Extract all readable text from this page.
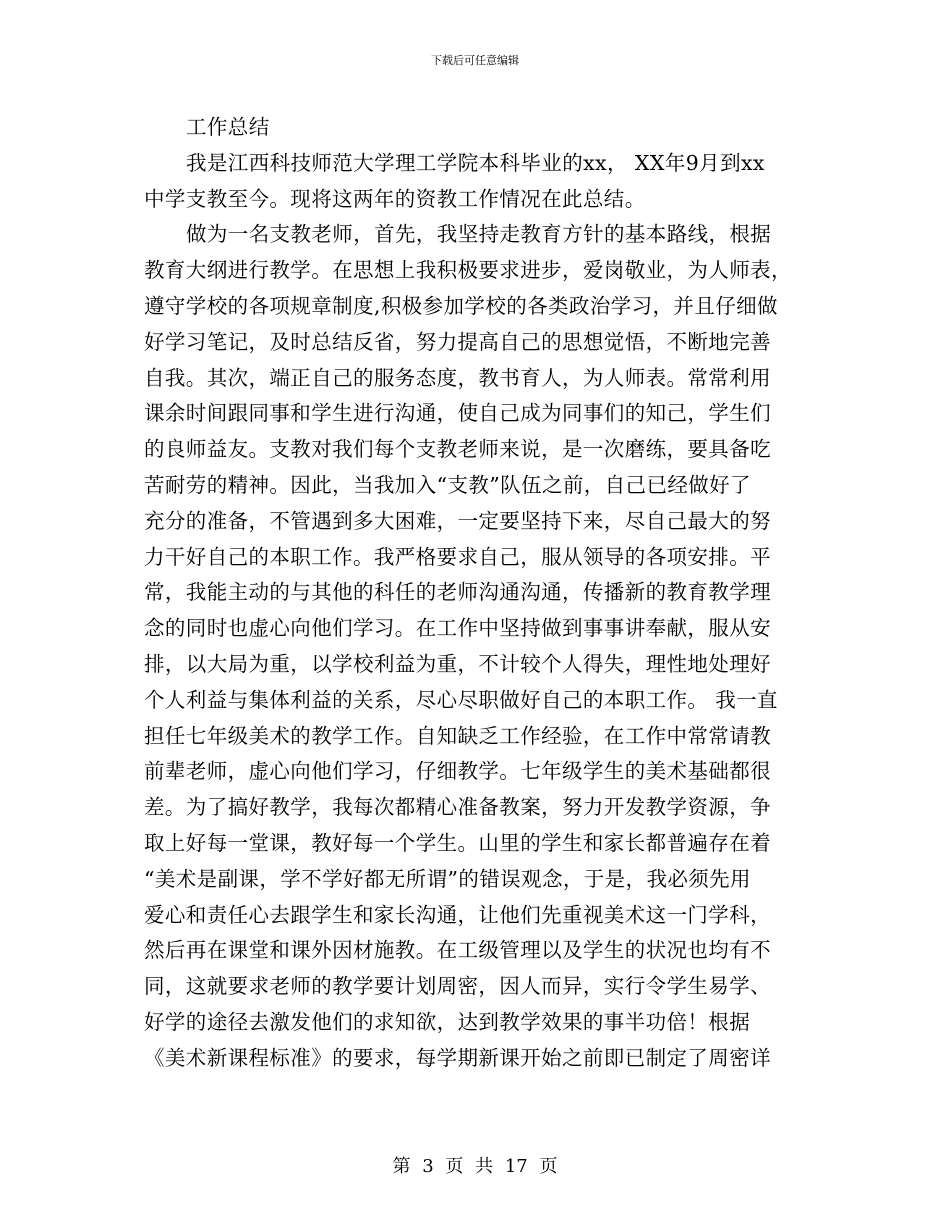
下载后可任意编辑
工作总结
我是江西科技师范大学理工学院本科毕业的xx， XX年9月到xx
中学支教至今。现将这两年的资教工作情况在此总结。
做为一名支教老师，首先，我坚持走教育方针的基本路线，根据
教育大纲进行教学。在思想上我积极要求进步，爱岗敬业，为人师表，
遵守学校的各项规章制度,积极参加学校的各类政治学习，并且仔细做
好学习笔记，及时总结反省，努力提高自己的思想觉悟，不断地完善
自我。其次，端正自己的服务态度，教书育人，为人师表。常常利用
课余时间跟同事和学生进行沟通，使自己成为同事们的知己，学生们
的良师益友。支教对我们每个支教老师来说，是一次磨练，要具备吃
苦耐劳的精神。因此，当我加入“支教”队伍之前，自己已经做好了
充分的准备，不管遇到多大困难，一定要坚持下来，尽自己最大的努
力干好自己的本职工作。我严格要求自己，服从领导的各项安排。平
常，我能主动的与其他的科任的老师沟通沟通，传播新的教育教学理
念的同时也虚心向他们学习。在工作中坚持做到事事讲奉献，服从安
排，以大局为重，以学校利益为重，不计较个人得失，理性地处理好
个人利益与集体利益的关系，尽心尽职做好自己的本职工作。 我一直
担任七年级美术的教学工作。自知缺乏工作经验，在工作中常常请教
前辈老师，虚心向他们学习，仔细教学。七年级学生的美术基础都很
差。为了搞好教学，我每次都精心准备教案，努力开发教学资源，争
取上好每一堂课，教好每一个学生。山里的学生和家长都普遍存在着
“美术是副课，学不学好都无所谓”的错误观念，于是，我必须先用
爱心和责任心去跟学生和家长沟通，让他们先重视美术这一门学科，
然后再在课堂和课外因材施教。在工级管理以及学生的状况也均有不
同，这就要求老师的教学要计划周密，因人而异，实行令学生易学、
好学的途径去激发他们的求知欲，达到教学效果的事半功倍！根据
《美术新课程标准》的要求，每学期新课开始之前即已制定了周密详
第 3 页 共 17 页
